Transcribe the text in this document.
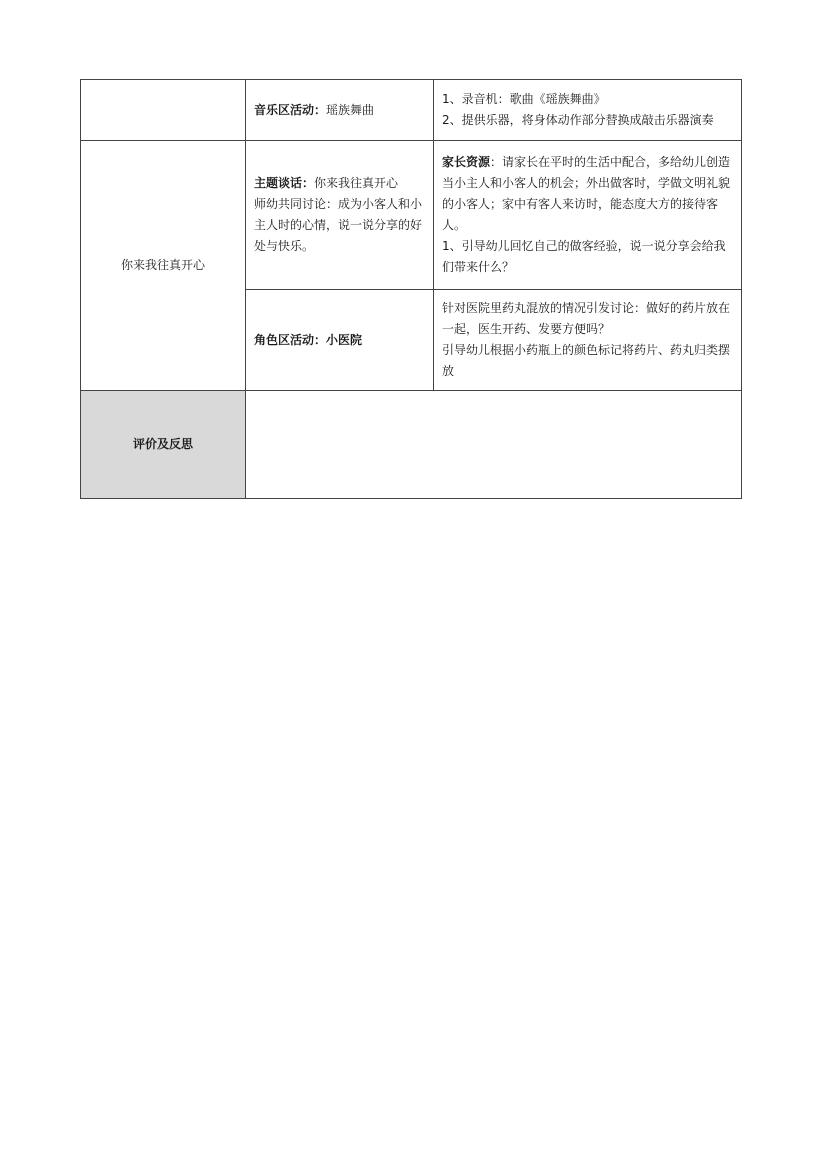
	音乐区活动：瑶族舞曲	1、录音机：歌曲《瑶族舞曲》
2、提供乐器，将身体动作部分替换成敲击乐器演奏

你来我往真开心	主题谈话：你来我往真开心
师幼共同讨论：成为小客人和小主人时的心情，说一说分享的好处与快乐。	家长资源：请家长在平时的生活中配合，多给幼儿创造当小主人和小客人的机会；外出做客时，学做文明礼貌的小客人；家中有客人来访时，能态度大方的接待客人。
1、引导幼儿回忆自己的做客经验，说一说分享会给我们带来什么？

	角色区活动：小医院	针对医院里药丸混放的情况引发讨论：做好的药片放在一起，医生开药、发要方便吗？
引导幼儿根据小药瓶上的颜色标记将药片、药丸归类摆放

评价及反思		
